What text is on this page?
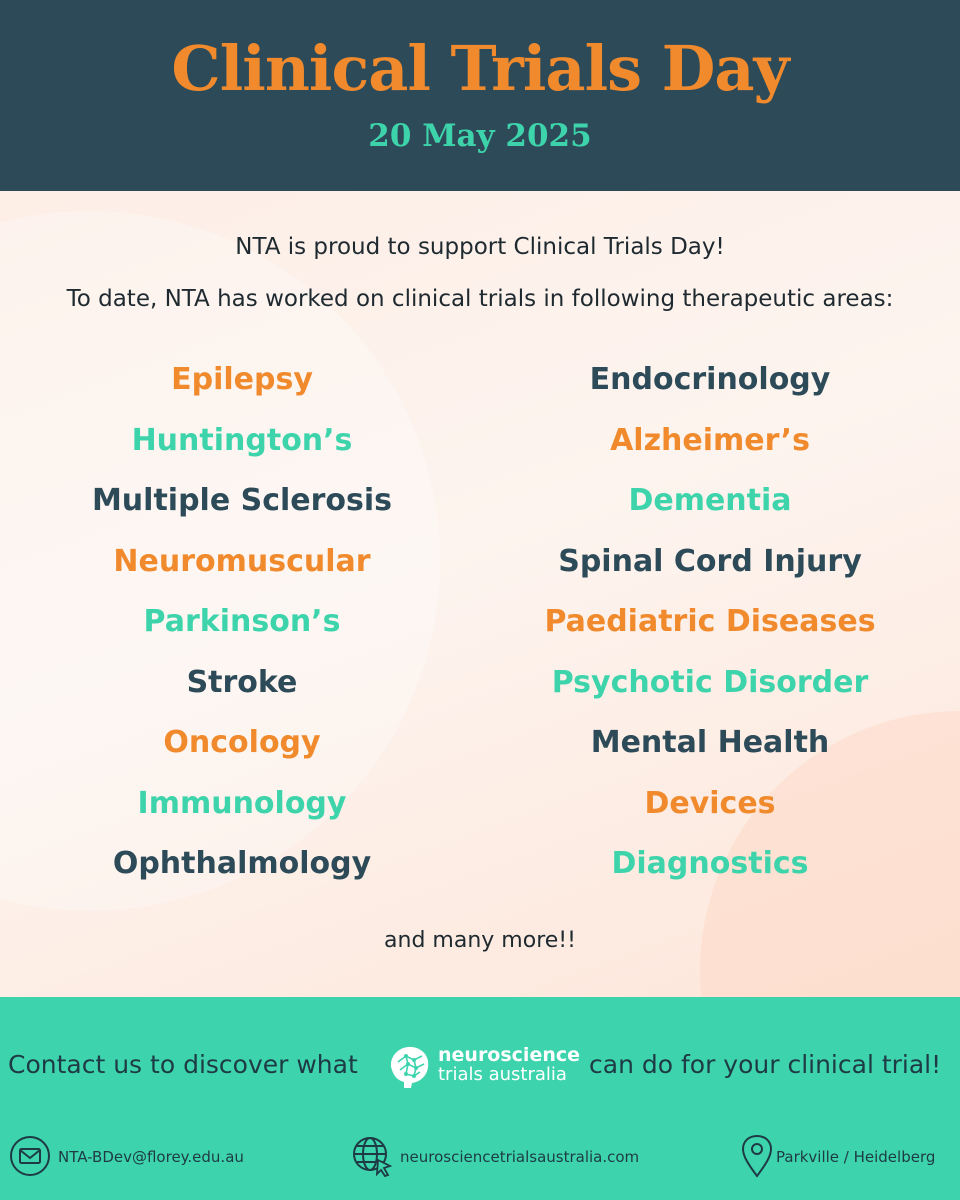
Clinical Trials Day
20 May 2025
NTA is proud to support Clinical Trials Day!
To date, NTA has worked on clinical trials in following therapeutic areas:
Epilepsy
Huntington’s
Multiple Sclerosis
Neuromuscular
Parkinson’s
Stroke
Oncology
Immunology
Ophthalmology
Endocrinology
Alzheimer’s
Dementia
Spinal Cord Injury
Paediatric Diseases
Psychotic Disorder
Mental Health
Devices
Diagnostics
and many more!!
Contact us to discover what	neuroscience
trials australia can do for your clinical trial!
NTA-BDev@florey.edu.au	neurosciencetrialsaustralia.com	Parkville / Heidelberg
